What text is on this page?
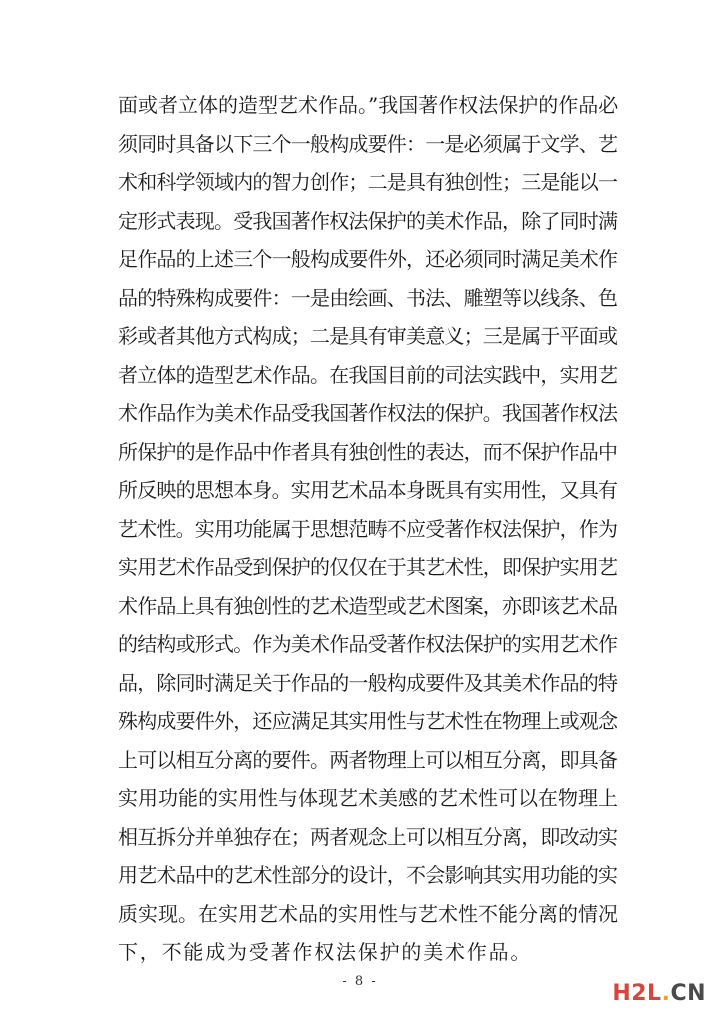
面或者立体的造型艺术作品。”我国著作权法保护的作品必
须同时具备以下三个一般构成要件：一是必须属于文学、艺
术和科学领域内的智力创作；二是具有独创性；三是能以一
定形式表现。受我国著作权法保护的美术作品，除了同时满
足作品的上述三个一般构成要件外，还必须同时满足美术作
品的特殊构成要件：一是由绘画、书法、雕塑等以线条、色
彩或者其他方式构成；二是具有审美意义；三是属于平面或
者立体的造型艺术作品。在我国目前的司法实践中，实用艺
术作品作为美术作品受我国著作权法的保护。我国著作权法
所保护的是作品中作者具有独创性的表达，而不保护作品中
所反映的思想本身。实用艺术品本身既具有实用性，又具有
艺术性。实用功能属于思想范畴不应受著作权法保护，作为
实用艺术作品受到保护的仅仅在于其艺术性，即保护实用艺
术作品上具有独创性的艺术造型或艺术图案，亦即该艺术品
的结构或形式。作为美术作品受著作权法保护的实用艺术作
品，除同时满足关于作品的一般构成要件及其美术作品的特
殊构成要件外，还应满足其实用性与艺术性在物理上或观念
上可以相互分离的要件。两者物理上可以相互分离，即具备
实用功能的实用性与体现艺术美感的艺术性可以在物理上
相互拆分并单独存在；两者观念上可以相互分离，即改动实
用艺术品中的艺术性部分的设计，不会影响其实用功能的实
质实现。在实用艺术品的实用性与艺术性不能分离的情况
下，不能成为受著作权法保护的美术作品。
- 8 -	H2L.CN
